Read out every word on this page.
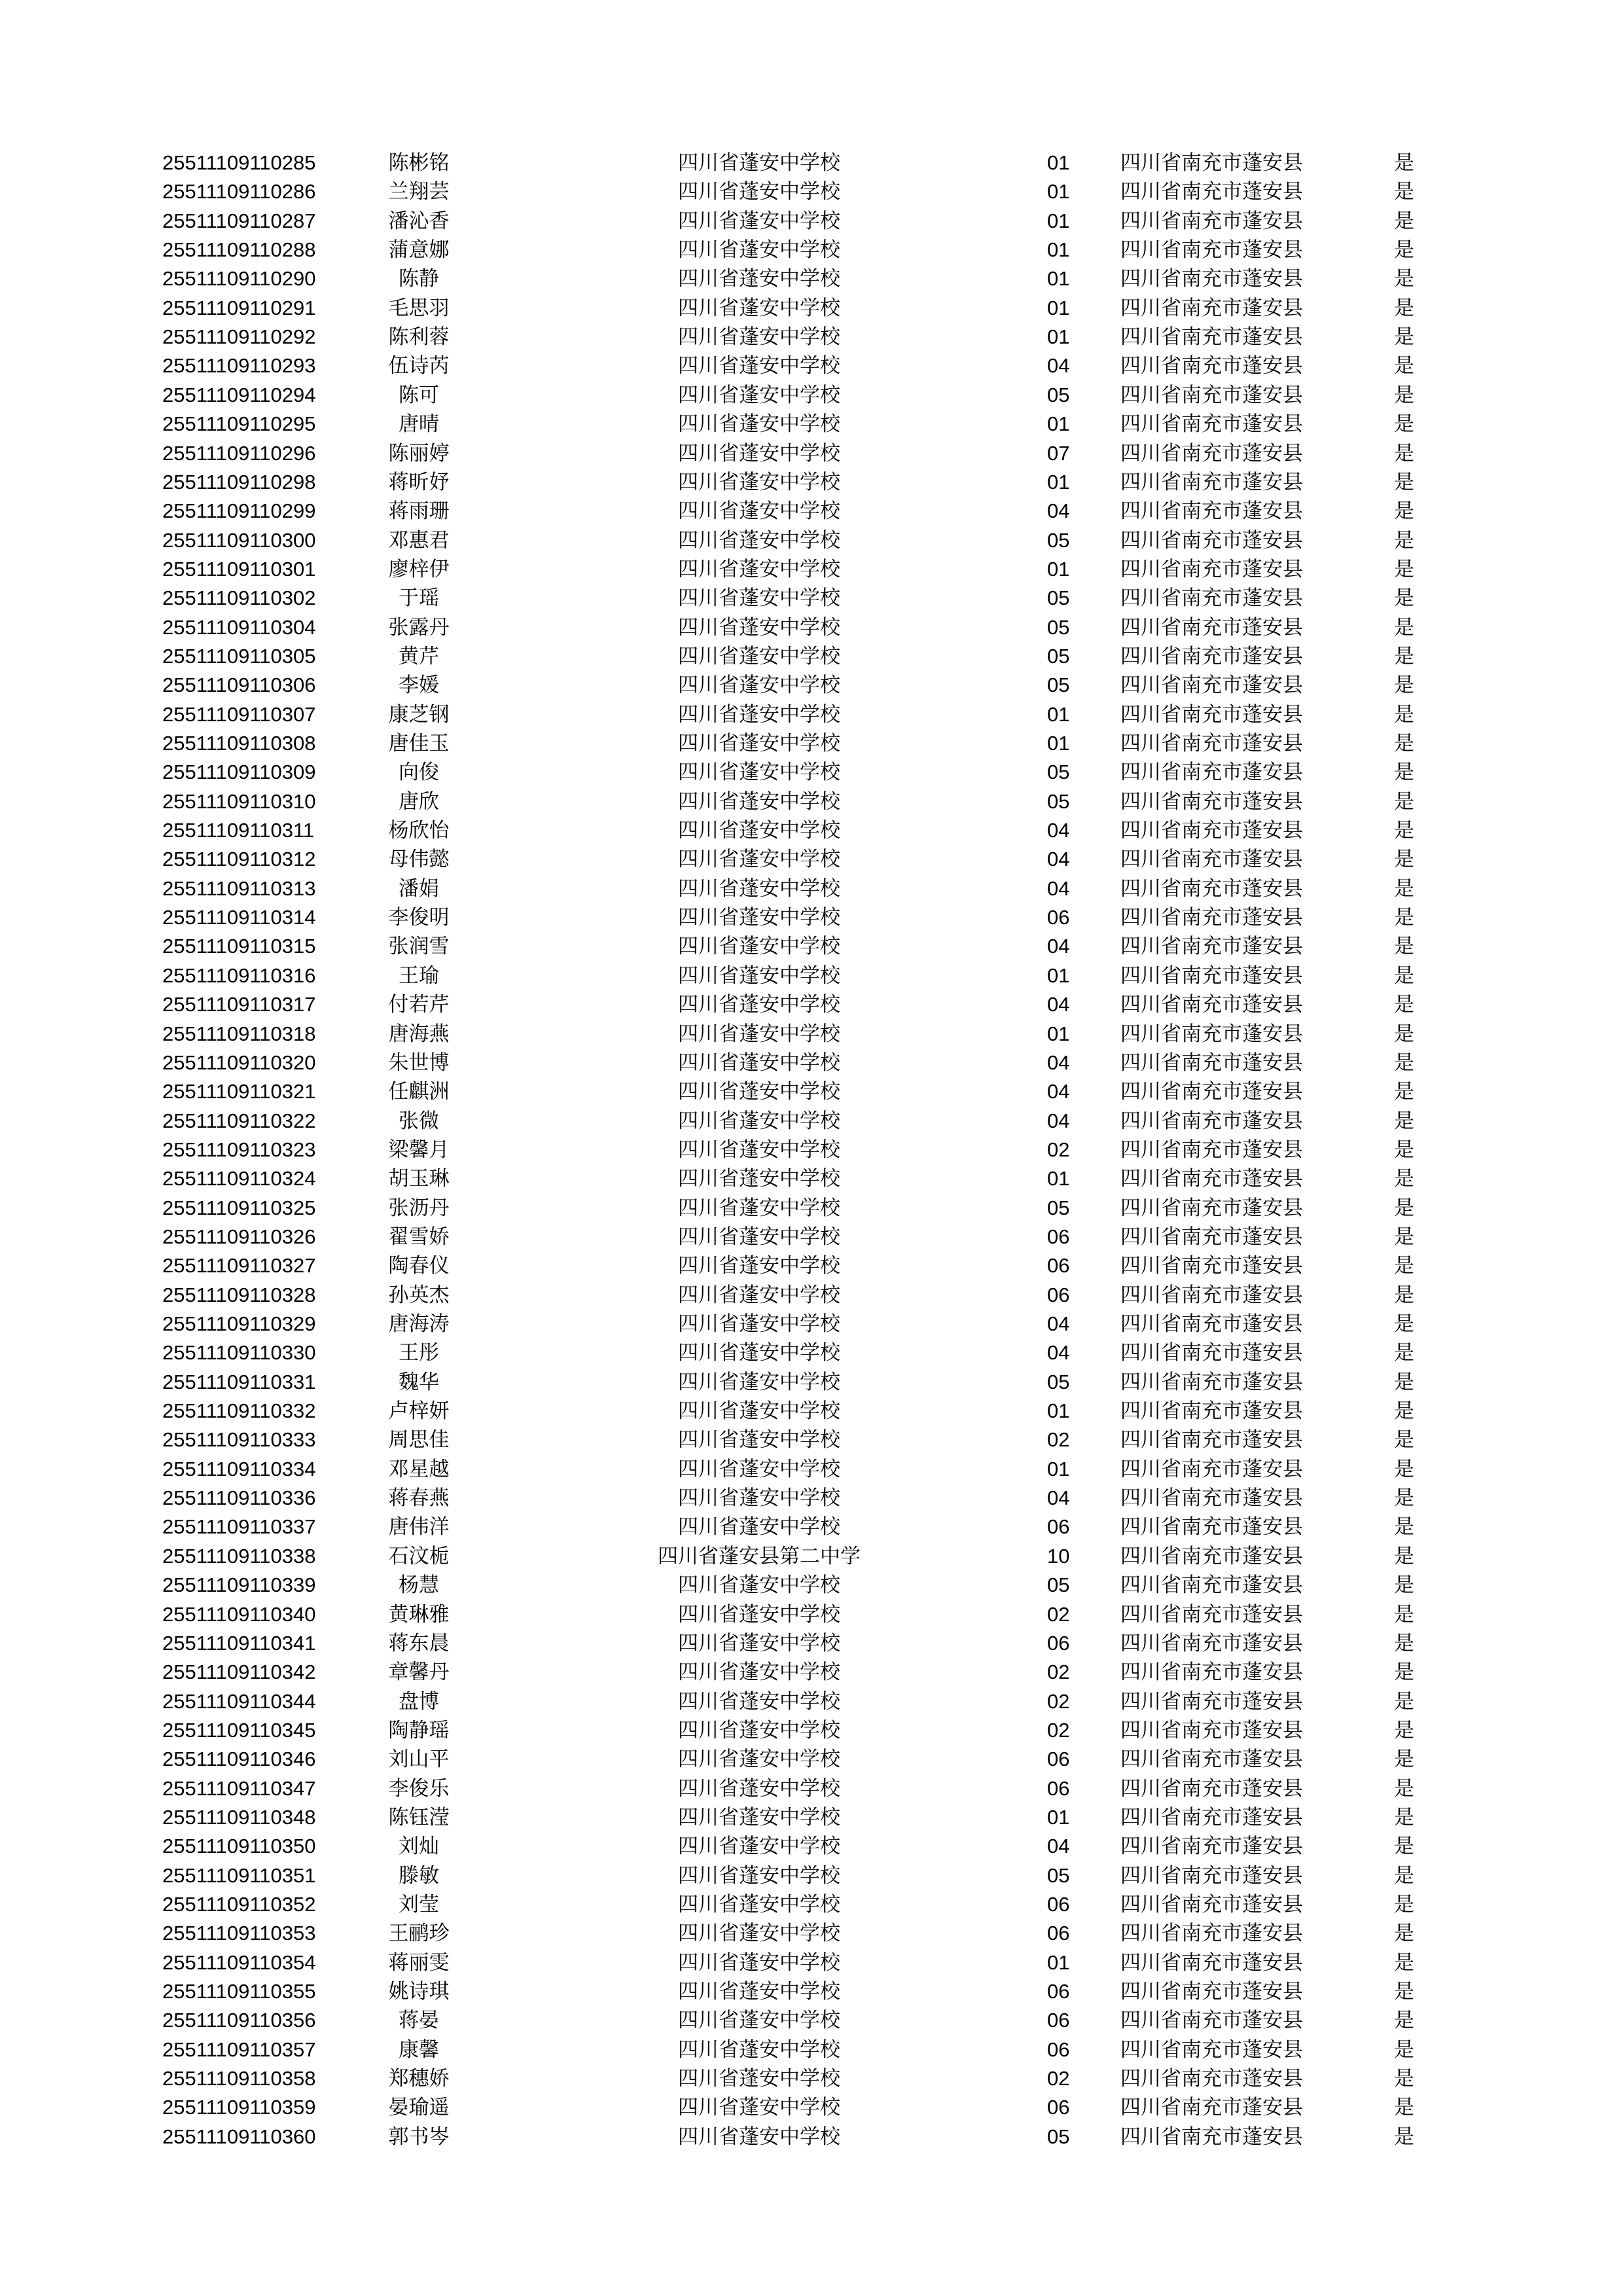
25511109110285	陈彬铭	四川省蓬安中学校	01	四川省南充市蓬安县	是
25511109110286	兰翔芸	四川省蓬安中学校	01	四川省南充市蓬安县	是
25511109110287	潘沁香	四川省蓬安中学校	01	四川省南充市蓬安县	是
25511109110288	蒲意娜	四川省蓬安中学校	01	四川省南充市蓬安县	是
25511109110290	陈静	四川省蓬安中学校	01	四川省南充市蓬安县	是
25511109110291	毛思羽	四川省蓬安中学校	01	四川省南充市蓬安县	是
25511109110292	陈利蓉	四川省蓬安中学校	01	四川省南充市蓬安县	是
25511109110293	伍诗芮	四川省蓬安中学校	04	四川省南充市蓬安县	是
25511109110294	陈可	四川省蓬安中学校	05	四川省南充市蓬安县	是
25511109110295	唐晴	四川省蓬安中学校	01	四川省南充市蓬安县	是
25511109110296	陈丽婷	四川省蓬安中学校	07	四川省南充市蓬安县	是
25511109110298	蒋昕妤	四川省蓬安中学校	01	四川省南充市蓬安县	是
25511109110299	蒋雨珊	四川省蓬安中学校	04	四川省南充市蓬安县	是
25511109110300	邓惠君	四川省蓬安中学校	05	四川省南充市蓬安县	是
25511109110301	廖梓伊	四川省蓬安中学校	01	四川省南充市蓬安县	是
25511109110302	于瑶	四川省蓬安中学校	05	四川省南充市蓬安县	是
25511109110304	张露丹	四川省蓬安中学校	05	四川省南充市蓬安县	是
25511109110305	黄芹	四川省蓬安中学校	05	四川省南充市蓬安县	是
25511109110306	李媛	四川省蓬安中学校	05	四川省南充市蓬安县	是
25511109110307	康芝钢	四川省蓬安中学校	01	四川省南充市蓬安县	是
25511109110308	唐佳玉	四川省蓬安中学校	01	四川省南充市蓬安县	是
25511109110309	向俊	四川省蓬安中学校	05	四川省南充市蓬安县	是
25511109110310	唐欣	四川省蓬安中学校	05	四川省南充市蓬安县	是
25511109110311	杨欣怡	四川省蓬安中学校	04	四川省南充市蓬安县	是
25511109110312	母伟懿	四川省蓬安中学校	04	四川省南充市蓬安县	是
25511109110313	潘娟	四川省蓬安中学校	04	四川省南充市蓬安县	是
25511109110314	李俊明	四川省蓬安中学校	06	四川省南充市蓬安县	是
25511109110315	张润雪	四川省蓬安中学校	04	四川省南充市蓬安县	是
25511109110316	王瑜	四川省蓬安中学校	01	四川省南充市蓬安县	是
25511109110317	付若芹	四川省蓬安中学校	04	四川省南充市蓬安县	是
25511109110318	唐海燕	四川省蓬安中学校	01	四川省南充市蓬安县	是
25511109110320	朱世博	四川省蓬安中学校	04	四川省南充市蓬安县	是
25511109110321	任麒洲	四川省蓬安中学校	04	四川省南充市蓬安县	是
25511109110322	张微	四川省蓬安中学校	04	四川省南充市蓬安县	是
25511109110323	梁馨月	四川省蓬安中学校	02	四川省南充市蓬安县	是
25511109110324	胡玉琳	四川省蓬安中学校	01	四川省南充市蓬安县	是
25511109110325	张沥丹	四川省蓬安中学校	05	四川省南充市蓬安县	是
25511109110326	翟雪娇	四川省蓬安中学校	06	四川省南充市蓬安县	是
25511109110327	陶春仪	四川省蓬安中学校	06	四川省南充市蓬安县	是
25511109110328	孙英杰	四川省蓬安中学校	06	四川省南充市蓬安县	是
25511109110329	唐海涛	四川省蓬安中学校	04	四川省南充市蓬安县	是
25511109110330	王彤	四川省蓬安中学校	04	四川省南充市蓬安县	是
25511109110331	魏华	四川省蓬安中学校	05	四川省南充市蓬安县	是
25511109110332	卢梓妍	四川省蓬安中学校	01	四川省南充市蓬安县	是
25511109110333	周思佳	四川省蓬安中学校	02	四川省南充市蓬安县	是
25511109110334	邓星越	四川省蓬安中学校	01	四川省南充市蓬安县	是
25511109110336	蒋春燕	四川省蓬安中学校	04	四川省南充市蓬安县	是
25511109110337	唐伟洋	四川省蓬安中学校	06	四川省南充市蓬安县	是
25511109110338	石汶栀	四川省蓬安县第二中学	10	四川省南充市蓬安县	是
25511109110339	杨慧	四川省蓬安中学校	05	四川省南充市蓬安县	是
25511109110340	黄琳雅	四川省蓬安中学校	02	四川省南充市蓬安县	是
25511109110341	蒋东晨	四川省蓬安中学校	06	四川省南充市蓬安县	是
25511109110342	章馨丹	四川省蓬安中学校	02	四川省南充市蓬安县	是
25511109110344	盘博	四川省蓬安中学校	02	四川省南充市蓬安县	是
25511109110345	陶静瑶	四川省蓬安中学校	02	四川省南充市蓬安县	是
25511109110346	刘山平	四川省蓬安中学校	06	四川省南充市蓬安县	是
25511109110347	李俊乐	四川省蓬安中学校	06	四川省南充市蓬安县	是
25511109110348	陈钰滢	四川省蓬安中学校	01	四川省南充市蓬安县	是
25511109110350	刘灿	四川省蓬安中学校	04	四川省南充市蓬安县	是
25511109110351	滕敏	四川省蓬安中学校	05	四川省南充市蓬安县	是
25511109110352	刘莹	四川省蓬安中学校	06	四川省南充市蓬安县	是
25511109110353	王鹂珍	四川省蓬安中学校	06	四川省南充市蓬安县	是
25511109110354	蒋丽雯	四川省蓬安中学校	01	四川省南充市蓬安县	是
25511109110355	姚诗琪	四川省蓬安中学校	06	四川省南充市蓬安县	是
25511109110356	蒋晏	四川省蓬安中学校	06	四川省南充市蓬安县	是
25511109110357	康馨	四川省蓬安中学校	06	四川省南充市蓬安县	是
25511109110358	郑穗娇	四川省蓬安中学校	02	四川省南充市蓬安县	是
25511109110359	晏瑜遥	四川省蓬安中学校	06	四川省南充市蓬安县	是
25511109110360	郭书岑	四川省蓬安中学校	05	四川省南充市蓬安县	是
